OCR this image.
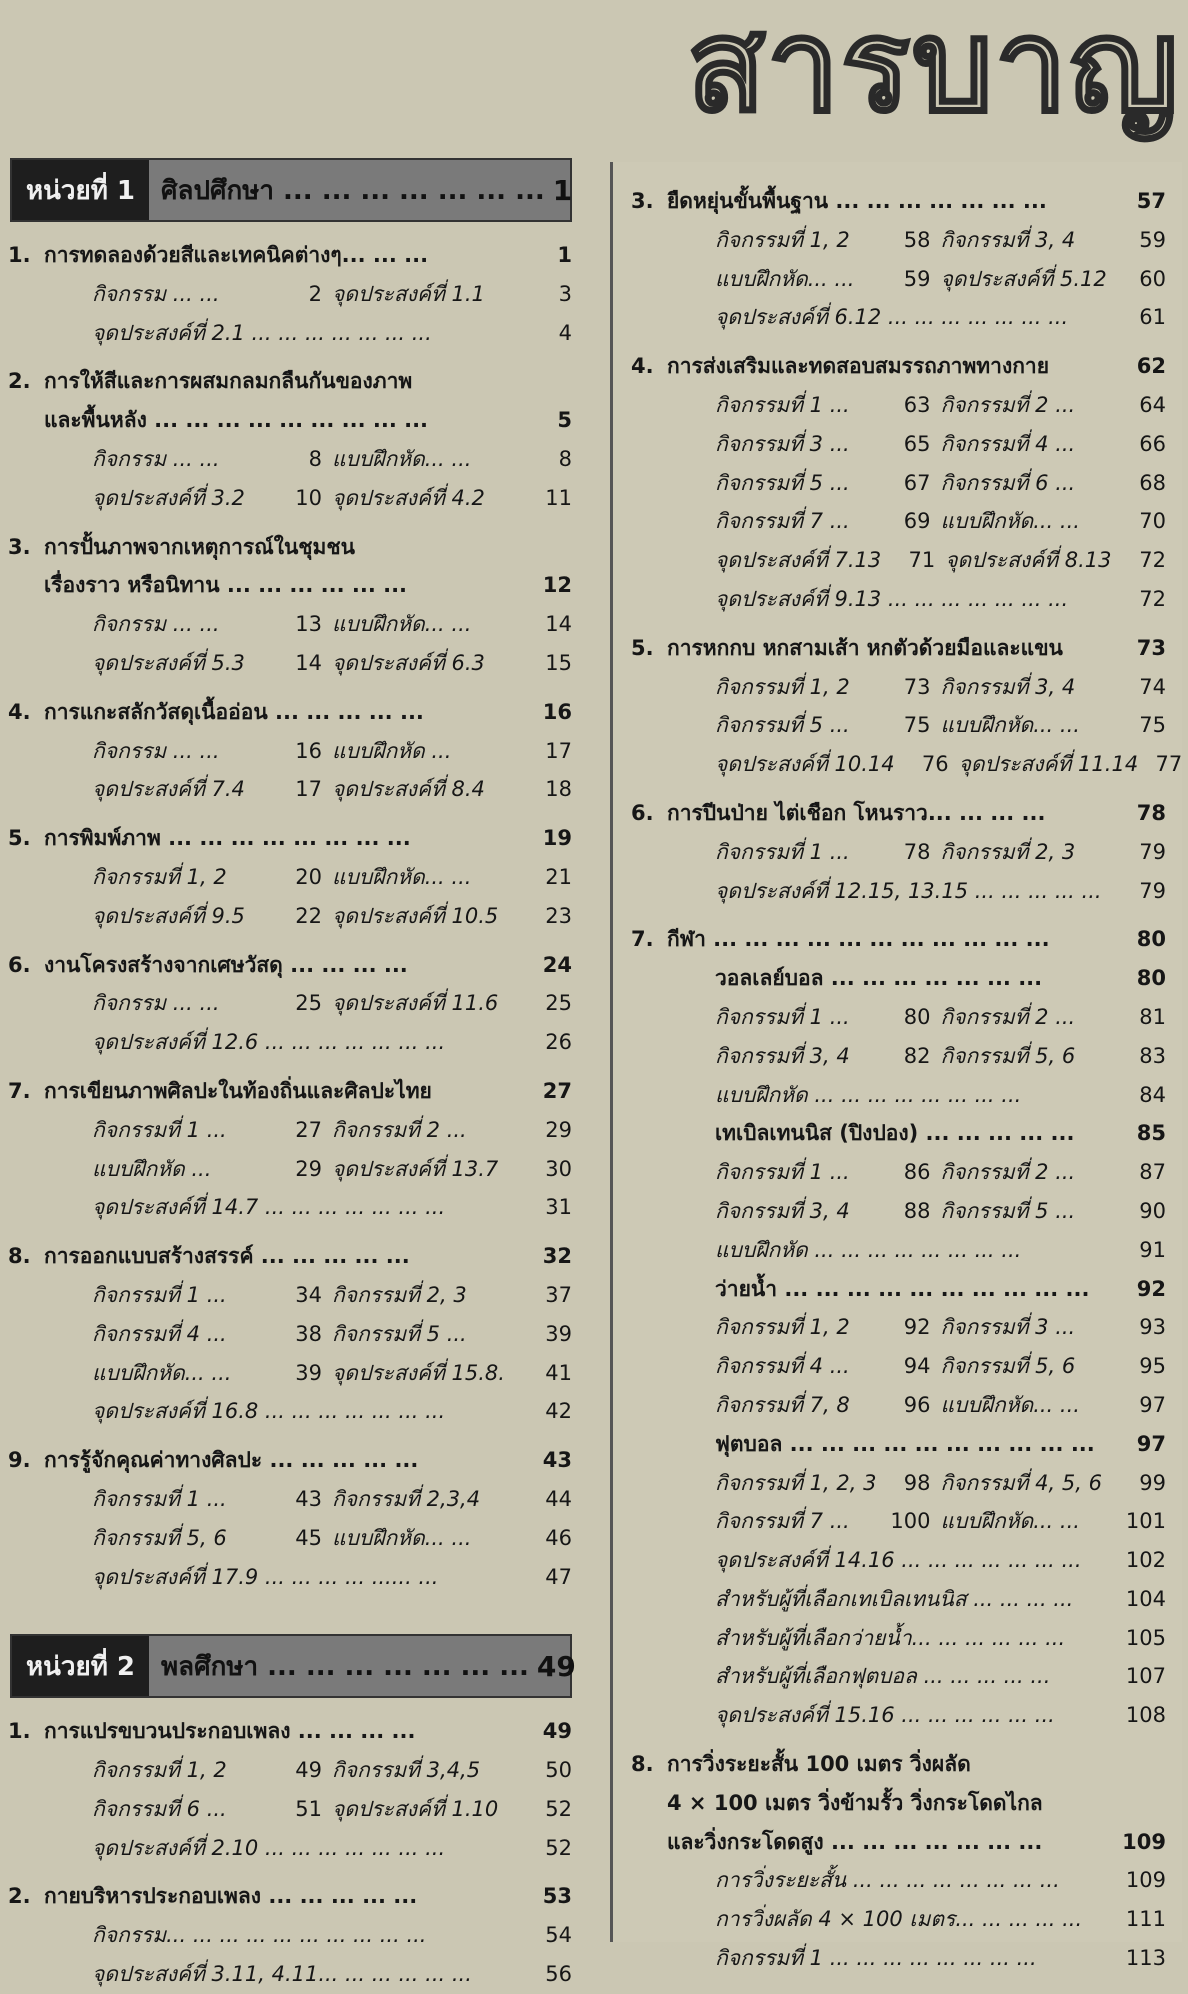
สารบาญ
หน่วยที่ 1	ศิลปศึกษา ... ... ... ... ... ... ... 1
1. การทดลองด้วยสีและเทคนิคต่างๆ... ... ...	1
กิจกรรม ... ...	2 จุดประสงค์ที่ 1.1	3
จุดประสงค์ที่ 2.1 ... ... ... ... ... ... ...	4
2. การให้สีและการผสมกลมกลืนกันของภาพ
และพื้นหลัง ... ... ... ... ... ... ... ... ...	5
กิจกรรม ... ...	8 แบบฝึกหัด... ...	8
จุดประสงค์ที่ 3.2	10 จุดประสงค์ที่ 4.2	11
3. การปั้นภาพจากเหตุการณ์ในชุมชน
เรื่องราว หรือนิทาน ... ... ... ... ... ...	12
กิจกรรม ... ...	13 แบบฝึกหัด... ...	14
จุดประสงค์ที่ 5.3	14 จุดประสงค์ที่ 6.3	15
4. การแกะสลักวัสดุเนื้ออ่อน ... ... ... ... ...	16
กิจกรรม ... ...	16 แบบฝึกหัด ...	17
จุดประสงค์ที่ 7.4	17 จุดประสงค์ที่ 8.4	18
5. การพิมพ์ภาพ ... ... ... ... ... ... ... ...	19
กิจกรรมที่ 1, 2	20 แบบฝึกหัด... ...	21
จุดประสงค์ที่ 9.5	22 จุดประสงค์ที่ 10.5	23
6. งานโครงสร้างจากเศษวัสดุ ... ... ... ...	24
กิจกรรม ... ...	25 จุดประสงค์ที่ 11.6	25
จุดประสงค์ที่ 12.6 ... ... ... ... ... ... ...	26
7. การเขียนภาพศิลปะในท้องถิ่นและศิลปะไทย	27
กิจกรรมที่ 1 ...	27 กิจกรรมที่ 2 ...	29
แบบฝึกหัด ...	29 จุดประสงค์ที่ 13.7	30
จุดประสงค์ที่ 14.7 ... ... ... ... ... ... ...	31
8. การออกแบบสร้างสรรค์ ... ... ... ... ...	32
กิจกรรมที่ 1 ...	34 กิจกรรมที่ 2, 3	37
กิจกรรมที่ 4 ...	38 กิจกรรมที่ 5 ...	39
แบบฝึกหัด... ...	39 จุดประสงค์ที่ 15.8.	41
จุดประสงค์ที่ 16.8 ... ... ... ... ... ... ...	42
9. การรู้จักคุณค่าทางศิลปะ ... ... ... ... ...	43
กิจกรรมที่ 1 ...	43 กิจกรรมที่ 2,3,4	44
กิจกรรมที่ 5, 6	45 แบบฝึกหัด... ...	46
จุดประสงค์ที่ 17.9 ... ... ... ... ...... ...	47
หน่วยที่ 2	พลศึกษา ... ... ... ... ... ... ... 49
1. การแปรขบวนประกอบเพลง ... ... ... ...	49
กิจกรรมที่ 1, 2	49 กิจกรรมที่ 3,4,5	50
กิจกรรมที่ 6 ...	51 จุดประสงค์ที่ 1.10	52
จุดประสงค์ที่ 2.10 ... ... ... ... ... ... ...	52
2. กายบริหารประกอบเพลง ... ... ... ... ...	53
กิจกรรม... ... ... ... ... ... ... ... ... ...	54
จุดประสงค์ที่ 3.11, 4.11... ... ... ... ... ...	56
3. ยืดหยุ่นขั้นพื้นฐาน ... ... ... ... ... ... ...	57
กิจกรรมที่ 1, 2	58 กิจกรรมที่ 3, 4	59
แบบฝึกหัด... ...	59 จุดประสงค์ที่ 5.12	60
จุดประสงค์ที่ 6.12 ... ... ... ... ... ... ...	61
4. การส่งเสริมและทดสอบสมรรถภาพทางกาย	62
กิจกรรมที่ 1 ...	63 กิจกรรมที่ 2 ...	64
กิจกรรมที่ 3 ...	65 กิจกรรมที่ 4 ...	66
กิจกรรมที่ 5 ...	67 กิจกรรมที่ 6 ...	68
กิจกรรมที่ 7 ...	69 แบบฝึกหัด... ...	70
จุดประสงค์ที่ 7.13	71 จุดประสงค์ที่ 8.13	72
จุดประสงค์ที่ 9.13 ... ... ... ... ... ... ...	72
5. การหกกบ หกสามเส้า หกตัวด้วยมือและแขน	73
กิจกรรมที่ 1, 2	73 กิจกรรมที่ 3, 4	74
กิจกรรมที่ 5 ...	75 แบบฝึกหัด... ...	75
จุดประสงค์ที่ 10.14	76 จุดประสงค์ที่ 11.14 77
6. การปีนป่าย ไต่เชือก โหนราว... ... ... ...	78
กิจกรรมที่ 1 ...	78 กิจกรรมที่ 2, 3	79
จุดประสงค์ที่ 12.15, 13.15 ... ... ... ... ...	79
7. กีฬา ... ... ... ... ... ... ... ... ... ... ...	80
วอลเลย์บอล ... ... ... ... ... ... ...	80
กิจกรรมที่ 1 ...	80 กิจกรรมที่ 2 ...	81
กิจกรรมที่ 3, 4	82 กิจกรรมที่ 5, 6	83
แบบฝึกหัด ... ... ... ... ... ... ... ...	84
เทเบิลเทนนิส (ปิงปอง) ... ... ... ... ...	85
กิจกรรมที่ 1 ...	86 กิจกรรมที่ 2 ...	87
กิจกรรมที่ 3, 4	88 กิจกรรมที่ 5 ...	90
แบบฝึกหัด ... ... ... ... ... ... ... ...	91
ว่ายน้ำ ... ... ... ... ... ... ... ... ... ...	92
กิจกรรมที่ 1, 2	92 กิจกรรมที่ 3 ...	93
กิจกรรมที่ 4 ...	94 กิจกรรมที่ 5, 6	95
กิจกรรมที่ 7, 8	96 แบบฝึกหัด... ...	97
ฟุตบอล ... ... ... ... ... ... ... ... ... ...	97
กิจกรรมที่ 1, 2, 3	98 กิจกรรมที่ 4, 5, 6	99
กิจกรรมที่ 7 ...	100 แบบฝึกหัด... ...	101
จุดประสงค์ที่ 14.16 ... ... ... ... ... ... ...	102
สำหรับผู้ที่เลือกเทเบิลเทนนิส ... ... ... ...	104
สำหรับผู้ที่เลือกว่ายน้ำ... ... ... ... ... ...	105
สำหรับผู้ที่เลือกฟุตบอล ... ... ... ... ...	107
จุดประสงค์ที่ 15.16 ... ... ... ... ... ...	108
8. การวิ่งระยะสั้น 100 เมตร วิ่งผลัด
4 × 100 เมตร วิ่งข้ามรั้ว วิ่งกระโดดไกล
และวิ่งกระโดดสูง ... ... ... ... ... ... ...	109
การวิ่งระยะสั้น ... ... ... ... ... ... ... ...	109
การวิ่งผลัด 4 × 100 เมตร... ... ... ... ...	111
กิจกรรมที่ 1 ... ... ... ... ... ... ... ...	113
